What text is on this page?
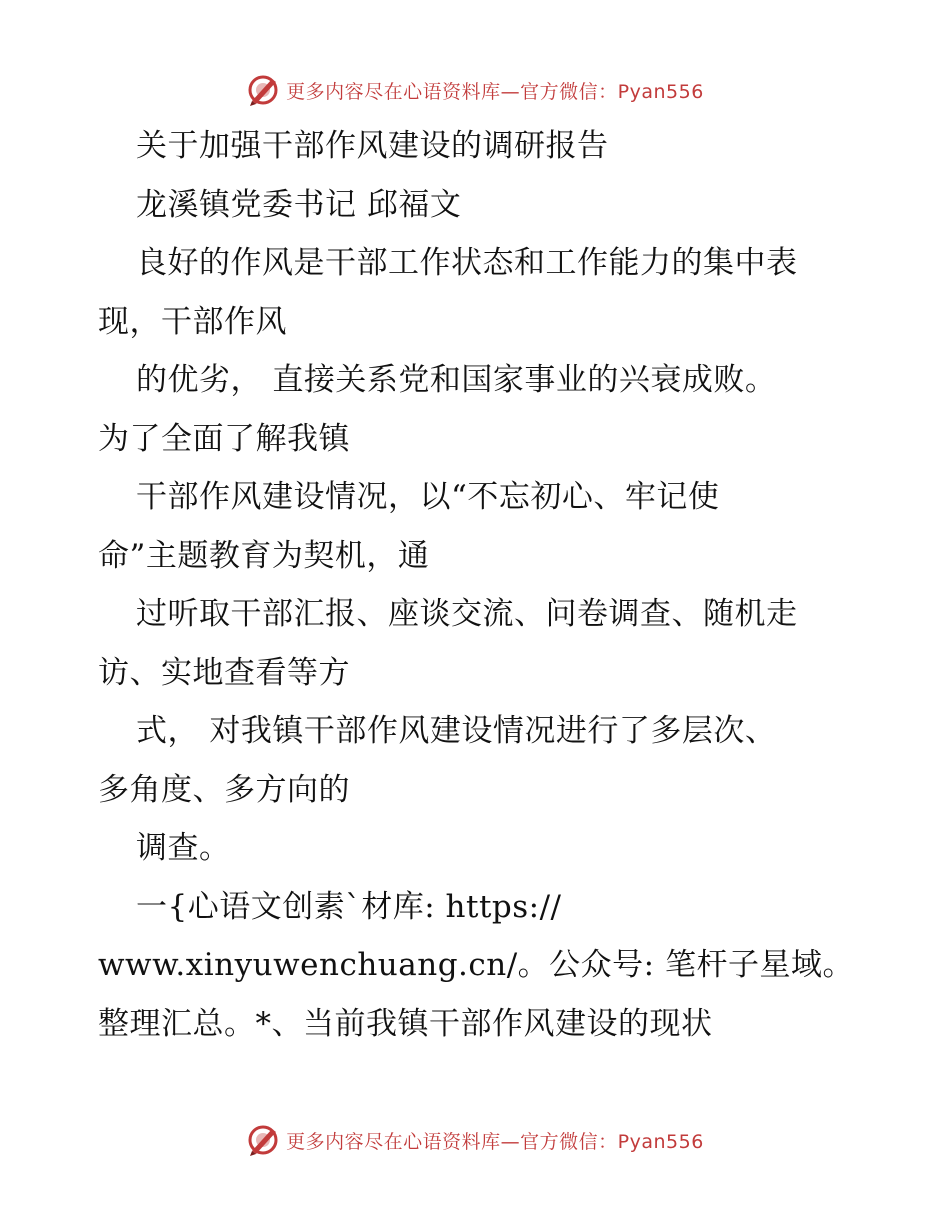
更多内容尽在心语资料库—官方微信：Pyan556
关于加强干部作风建设的调研报告
龙溪镇党委书记 邱福文
良好的作风是干部工作状态和工作能力的集中表
现，干部作风
的优劣， 直接关系党和国家事业的兴衰成败。
为了全面了解我镇
干部作风建设情况，以“不忘初心、牢记使
命”主题教育为契机，通
过听取干部汇报、座谈交流、问卷调查、随机走
访、实地查看等方
式， 对我镇干部作风建设情况进行了多层次、
多角度、多方向的
调查。
一{心语文创素`材库: https://
www.xinyuwenchuang.cn/。公众号: 笔杆子星域。
整理汇总。*、当前我镇干部作风建设的现状
更多内容尽在心语资料库—官方微信：Pyan556
